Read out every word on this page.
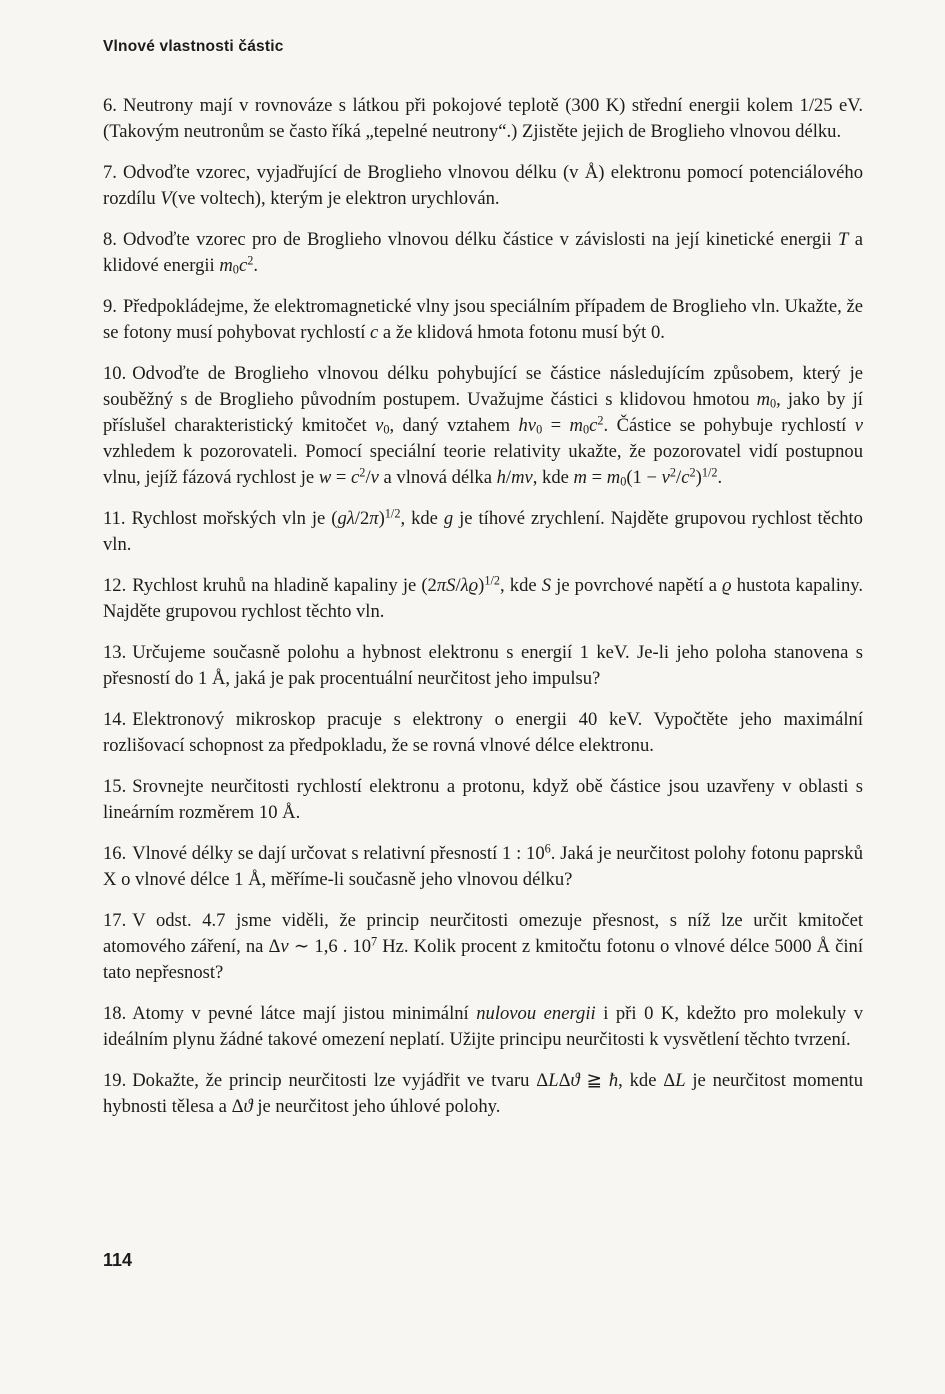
Vlnové vlastnosti částic

6. Neutrony mají v rovnováze s látkou při pokojové teplotě (300 K) střední energii kolem 1/25 eV. (Takovým neutronům se často říká „tepelné neutrony“.) Zjistěte jejich de Broglieho vlnovou délku.

7. Odvoďte vzorec, vyjadřující de Broglieho vlnovou délku (v Å) elektronu pomocí potenciálového rozdílu V(ve voltech), kterým je elektron urychlován.

8. Odvoďte vzorec pro de Broglieho vlnovou délku částice v závislosti na její kinetické energii T a klidové energii $m_0c^2$.

9. Předpokládejme, že elektromagnetické vlny jsou speciálním případem de Broglieho vln. Ukažte, že se fotony musí pohybovat rychlostí c a že klidová hmota fotonu musí být 0.

10. Odvoďte de Broglieho vlnovou délku pohybující se částice následujícím způsobem, který je souběžný s de Broglieho původním postupem. Uvažujme částici s klidovou hmotou $m_0$, jako by jí příslušel charakteristický kmitočet $\nu_0$, daný vztahem $h\nu_0 = m_0c^2$. Částice se pohybuje rychlostí v vzhledem k pozorovateli. Pomocí speciální teorie relativity ukažte, že pozorovatel vidí postupnou vlnu, jejíž fázová rychlost je $w = c^2/v$ a vlnová délka h/mv, kde $m = m_0(1 - v^2/c^2)^{1/2}$.

11. Rychlost mořských vln je $(g\lambda/2\pi)^{1/2}$, kde g je tíhové zrychlení. Najděte grupovou rychlost těchto vln.

12. Rychlost kruhů na hladině kapaliny je $(2\pi S/\lambda ϱ)^{1/2}$, kde S je povrchové napětí a ϱ hustota kapaliny. Najděte grupovou rychlost těchto vln.

13. Určujeme současně polohu a hybnost elektronu s energií 1 keV. Je-li jeho poloha stanovena s přesností do 1 Å, jaká je pak procentuální neurčitost jeho impulsu?

14. Elektronový mikroskop pracuje s elektrony o energii 40 keV. Vypočtěte jeho maximální rozlišovací schopnost za předpokladu, že se rovná vlnové délce elektronu.

15. Srovnejte neurčitosti rychlostí elektronu a protonu, když obě částice jsou uzavřeny v oblasti s lineárním rozměrem 10 Å.

16. Vlnové délky se dají určovat s relativní přesností 1 : $10^6$. Jaká je neurčitost polohy fotonu paprsků X o vlnové délce 1 Å, měříme-li současně jeho vlnovou délku?

17. V odst. 4.7 jsme viděli, že princip neurčitosti omezuje přesnost, s níž lze určit kmitočet atomového záření, na Δν ∼ 1,6 . $10^7$ Hz. Kolik procent z kmitočtu fotonu o vlnové délce 5000 Å činí tato nepřesnost?

18. Atomy v pevné látce mají jistou minimální nulovou energii i při 0 K, kdežto pro molekuly v ideálním plynu žádné takové omezení neplatí. Užijte principu neurčitosti k vysvětlení těchto tvrzení.

19. Dokažte, že princip neurčitosti lze vyjádřit ve tvaru ΔLΔϑ ≧ ħ, kde ΔL je neurčitost momentu hybnosti tělesa a Δϑ je neurčitost jeho úhlové polohy.

114
